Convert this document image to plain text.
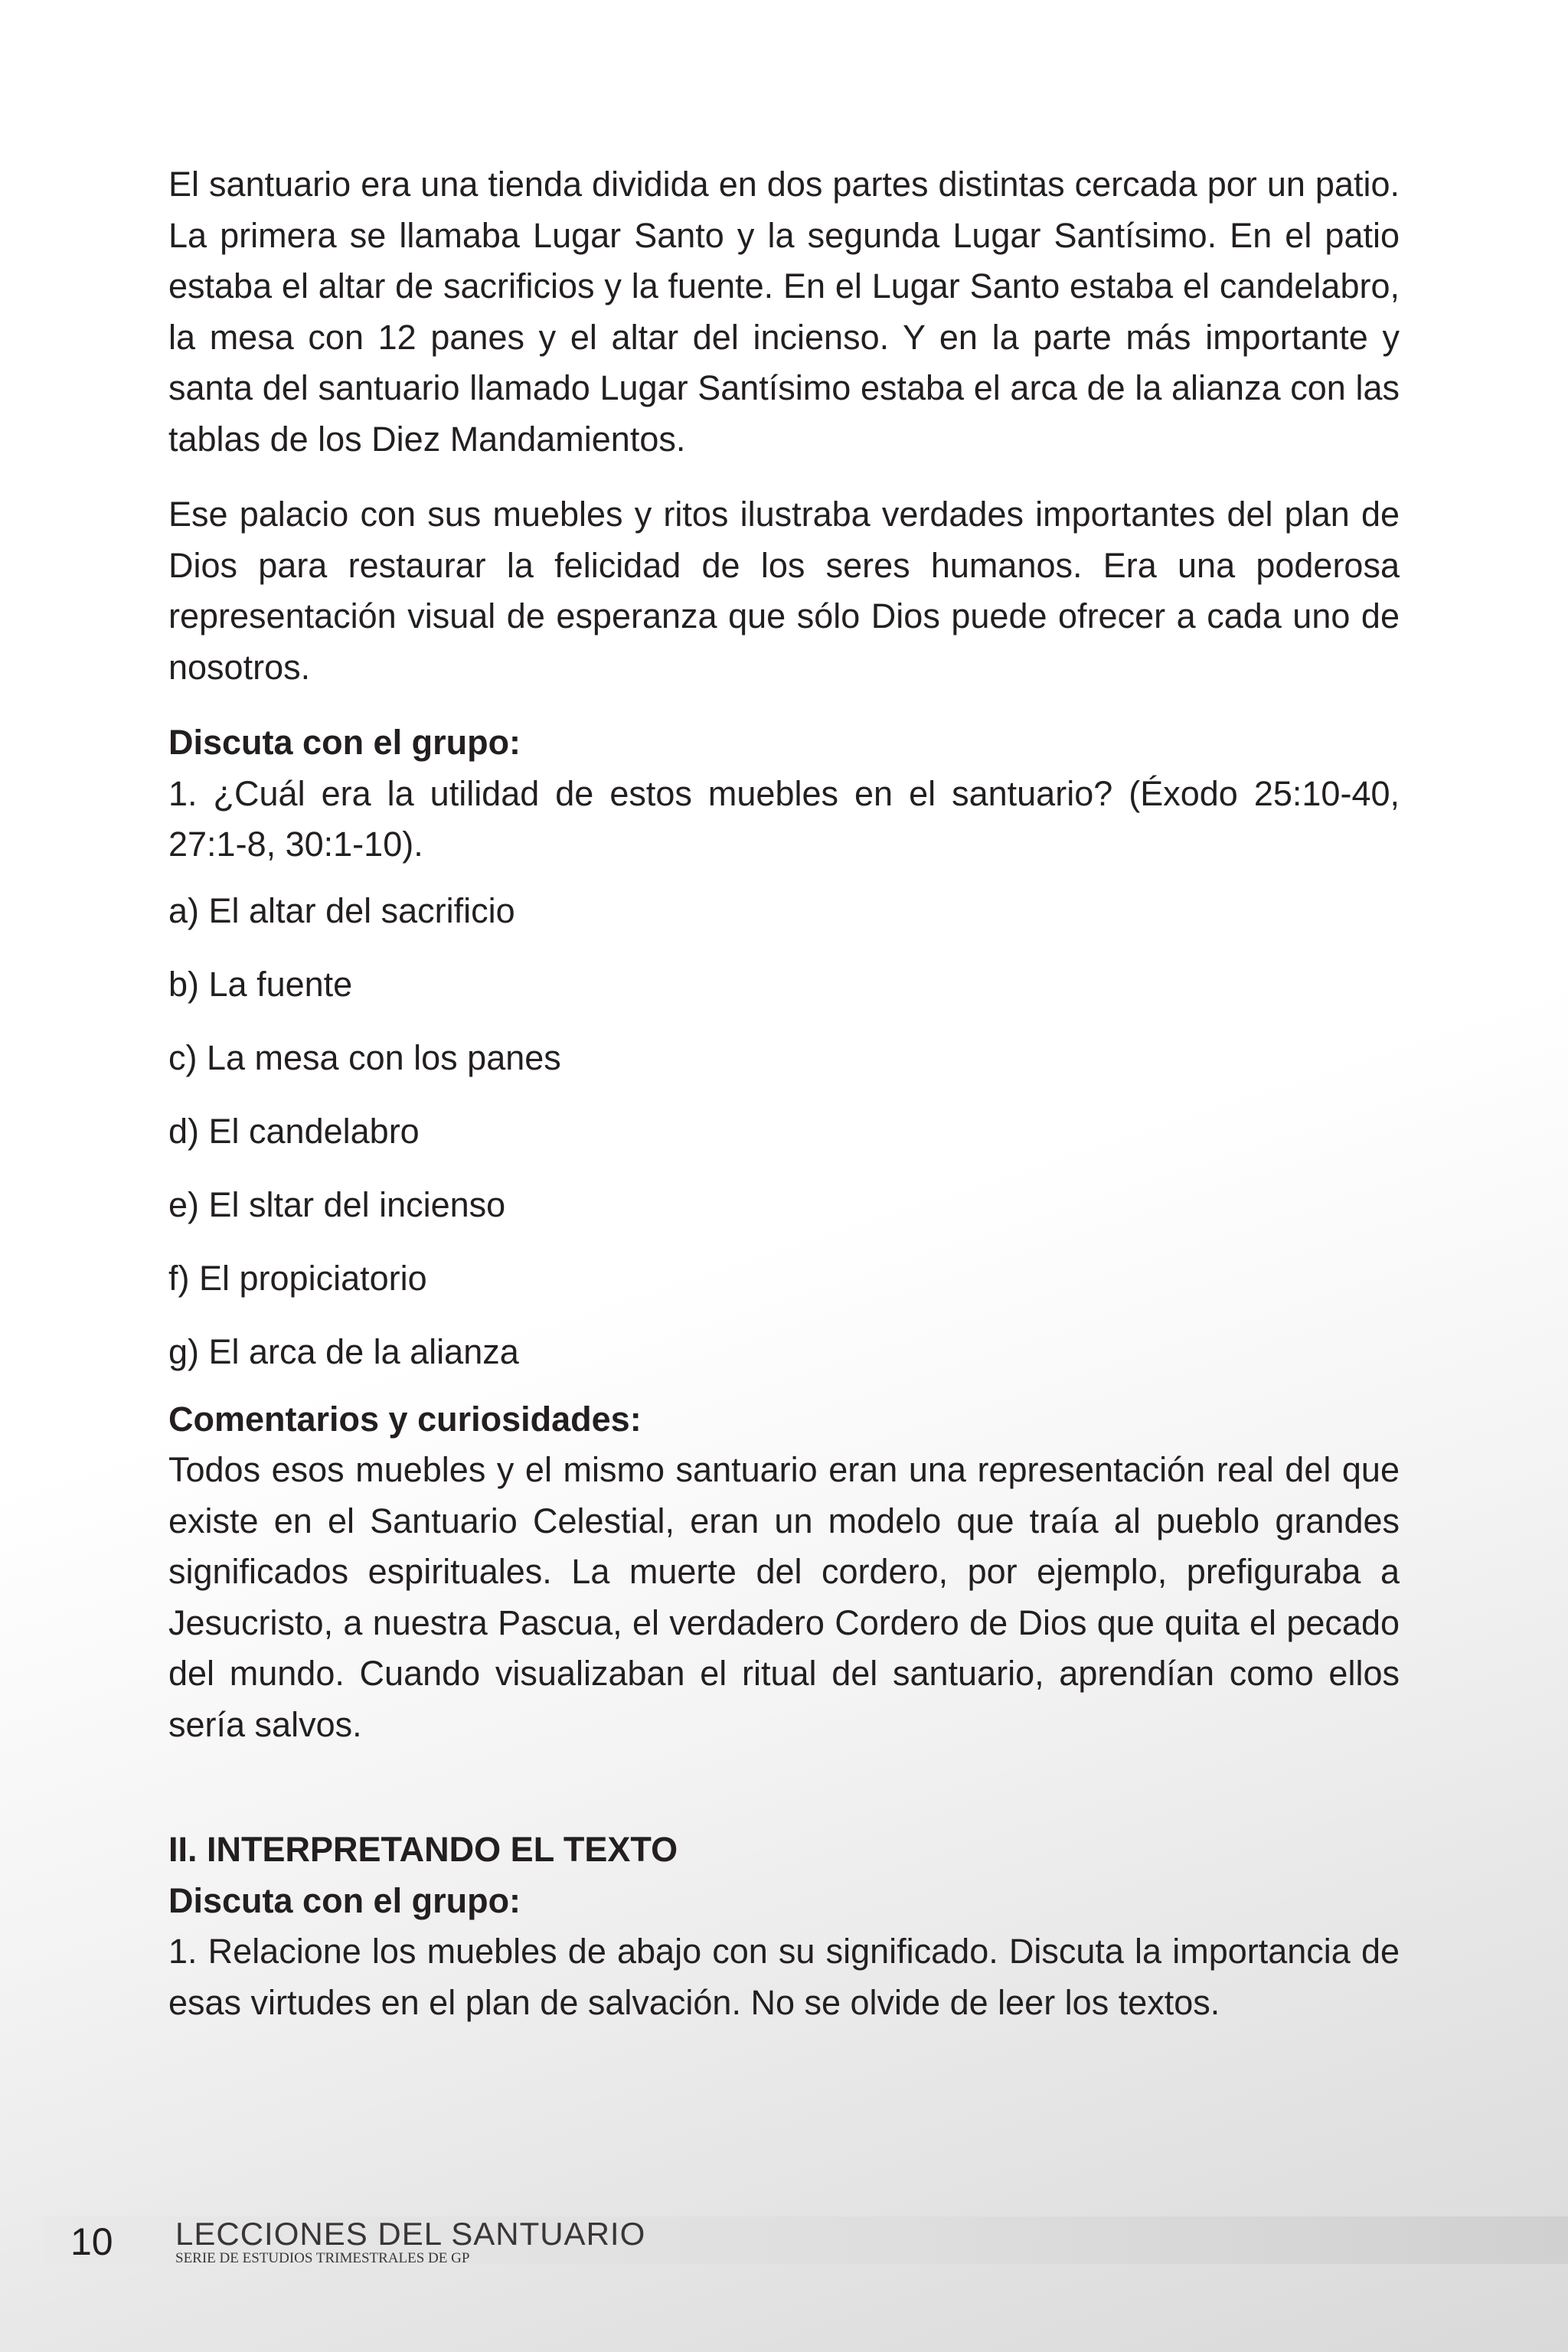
El santuario era una tienda dividida en dos partes distintas cercada por un patio. La primera se llamaba Lugar Santo y la segunda Lugar Santísimo. En el patio estaba el altar de sacrificios y la fuente. En el Lugar Santo estaba el candelabro, la mesa con 12 panes y el altar del incienso. Y en la parte más importante y santa del santuario llamado Lugar Santísimo estaba el arca de la alianza con las tablas de los Diez Mandamientos.

Ese palacio con sus muebles y ritos ilustraba verdades importantes del plan de Dios para restaurar la felicidad de los seres humanos. Era una poderosa representación visual de esperanza que sólo Dios puede ofrecer a cada uno de nosotros.

Discuta con el grupo:

1. ¿Cuál era la utilidad de estos muebles en el santuario? (Éxodo 25:10-40, 27:1-8, 30:1-10).

a) El altar del sacrificio

b) La fuente

c) La mesa con los panes

d) El candelabro

e) El sltar del incienso

f) El propiciatorio

g) El arca de la alianza

Comentarios y curiosidades:

Todos esos muebles y el mismo santuario eran una representación real del que existe en el Santuario Celestial, eran un modelo que traía al pueblo grandes significados espirituales. La muerte del cordero, por ejemplo, prefiguraba a Jesucristo, a nuestra Pascua, el verdadero Cordero de Dios que quita el pecado del mundo. Cuando visualizaban el ritual del santuario, aprendían como ellos sería salvos.

II. INTERPRETANDO EL TEXTO

Discuta con el grupo:

1. Relacione los muebles de abajo con su significado. Discuta la importancia de esas virtudes en el plan de salvación. No se olvide de leer los textos.

10 LECCIONES DEL SANTUARIO
SERIE DE ESTUDIOS TRIMESTRALES DE GP
